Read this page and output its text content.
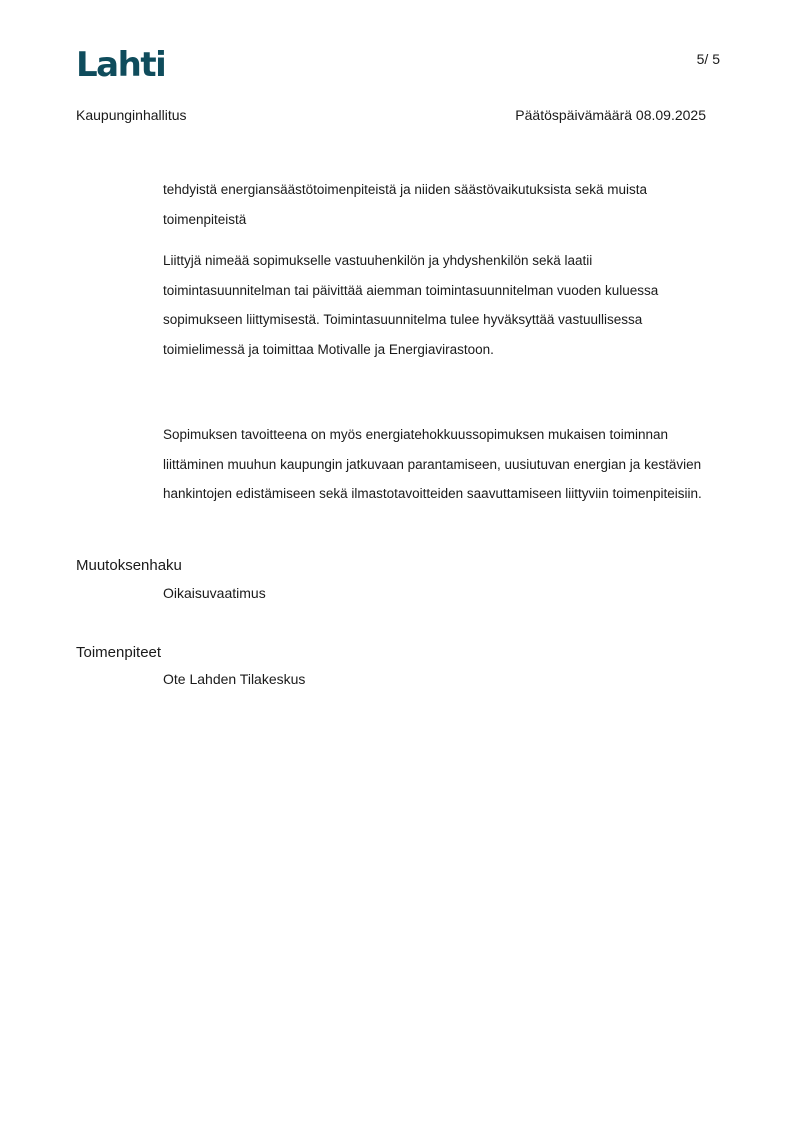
Lahti	5/ 5
Kaupunginhallitus	Päätöspäivämäärä 08.09.2025

tehdyistä energiansäästötoimenpiteistä ja niiden säästövaikutuksista sekä muista toimenpiteistä

Liittyjä nimeää sopimukselle vastuuhenkilön ja yhdyshenkilön sekä laatii toimintasuunnitelman tai päivittää aiemman toimintasuunnitelman vuoden kuluessa sopimukseen liittymisestä. Toimintasuunnitelma tulee hyväksyttää vastuullisessa toimielimessä ja toimittaa Motivalle ja Energiavirastoon.

Sopimuksen tavoitteena on myös energiatehokkuussopimuksen mukaisen toiminnan liittäminen muuhun kaupungin jatkuvaan parantamiseen, uusiutuvan energian ja kestävien hankintojen edistämiseen sekä ilmastotavoitteiden saavuttamiseen liittyviin toimenpiteisiin.

Muutoksenhaku
Oikaisuvaatimus
Toimenpiteet
Ote Lahden Tilakeskus
